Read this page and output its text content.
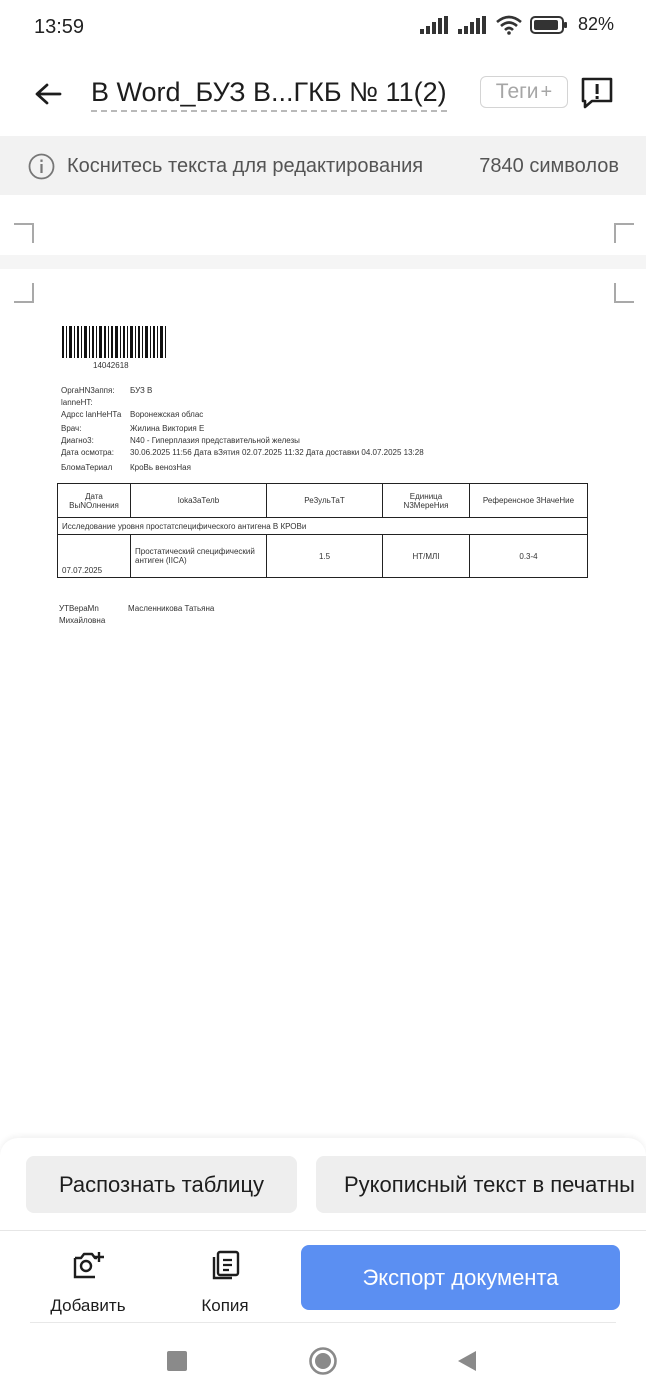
13:59	82%
В Word_БУЗ В...ГКБ № 11(2) Теги +
Коснитесь текста для редактирования	7840 символов
14042618
ОргаНN3аппя: БУЗ В
lanneHT:
Адрсс lanНеНТа Воронежская облас
Врач:	Жилина Виктория Е
Диагно3:	N40 - Гиперплазия представительной железы
Дата осмотра: 30.06.2025 11:56 Дата вЗятия 02.07.2025 11:32 Дата доставки 04.07.2025 13:28
БломаТериал КроВь венозНая
Дата ВыNОлнения	lоkа3аТелb	Ре3ульТаТ	Единица N3МереНия	Референсное 3НачеНие
Исследование уровня простатспецифического антигена В КРОВи				
07.07.2025	Простатический специфический антиген (IICA)	1.5	НТ/МЛI	0.3-4
УТВераМn	Масленникова Татьяна
Михайловна
Распознать таблицу	Рукописный текст в печатны
Добавить	Копия
Экспорт документа
